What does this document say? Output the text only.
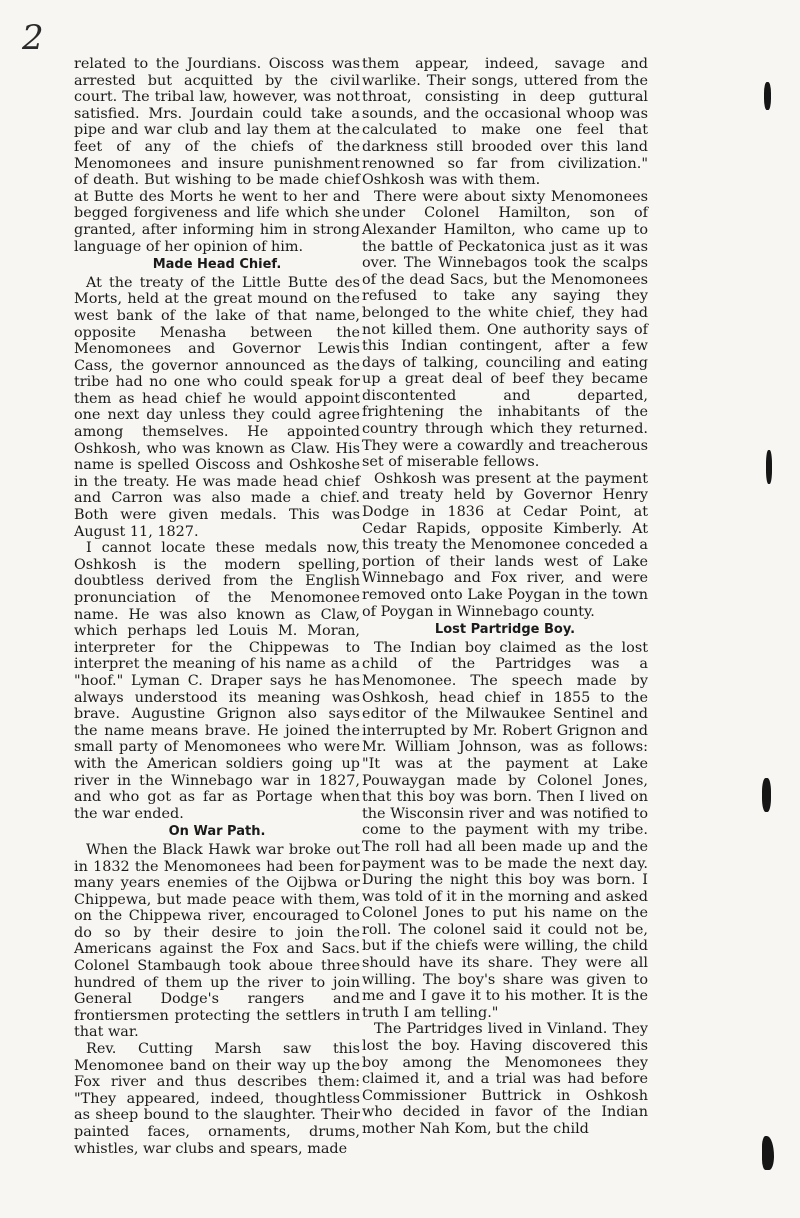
2

related to the Jourdians. Oiscoss was arrested but acquitted by the civil court. The tribal law, however, was not satisfied. Mrs. Jourdain could take a pipe and war club and lay them at the feet of any of the chiefs of the Menomonees and insure punishment of death. But wishing to be made chief at Butte des Morts he went to her and begged forgiveness and life which she granted, after informing him in strong language of her opinion of him.

Made Head Chief.

At the treaty of the Little Butte des Morts, held at the great mound on the west bank of the lake of that name, opposite Menasha between the Menomonees and Governor Lewis Cass, the governor announced as the tribe had no one who could speak for them as head chief he would appoint one next day unless they could agree among themselves. He appointed Oshkosh, who was known as Claw. His name is spelled Oiscoss and Oshkoshe in the treaty. He was made head chief and Carron was also made a chief. Both were given medals. This was August 11, 1827.

I cannot locate these medals now, Oshkosh is the modern spelling, doubtless derived from the English pronunciation of the Menomonee name. He was also known as Claw, which perhaps led Louis M. Moran, interpreter for the Chippewas to interpret the meaning of his name as a "hoof." Lyman C. Draper says he has always understood its meaning was brave. Augustine Grignon also says the name means brave. He joined the small party of Menomonees who were with the American soldiers going up river in the Winnebago war in 1827, and who got as far as Portage when the war ended.

On War Path.

When the Black Hawk war broke out in 1832 the Menomonees had been for many years enemies of the Oijbwa or Chippewa, but made peace with them, on the Chippewa river, encouraged to do so by their desire to join the Americans against the Fox and Sacs. Colonel Stambaugh took aboue three hundred of them up the river to join General Dodge's rangers and frontiersmen protecting the settlers in that war.

Rev. Cutting Marsh saw this Menomonee band on their way up the Fox river and thus describes them: "They appeared, indeed, thoughtless as sheep bound to the slaughter. Their painted faces, ornaments, drums, whistles, war clubs and spears, made

them appear, indeed, savage and warlike. Their songs, uttered from the throat, consisting in deep guttural sounds, and the occasional whoop was calculated to make one feel that darkness still brooded over this land renowned so far from civilization." Oshkosh was with them.

There were about sixty Menomonees under Colonel Hamilton, son of Alexander Hamilton, who came up to the battle of Peckatonica just as it was over. The Winnebagos took the scalps of the dead Sacs, but the Menomonees refused to take any saying they belonged to the white chief, they had not killed them. One authority says of this Indian contingent, after a few days of talking, counciling and eating up a great deal of beef they became discontented and departed, frightening the inhabitants of the country through which they returned. They were a cowardly and treacherous set of miserable fellows.

Oshkosh was present at the payment and treaty held by Governor Henry Dodge in 1836 at Cedar Point, at Cedar Rapids, opposite Kimberly. At this treaty the Menomonee conceded a portion of their lands west of Lake Winnebago and Fox river, and were removed onto Lake Poygan in the town of Poygan in Winnebago county.

Lost Partridge Boy.

The Indian boy claimed as the lost child of the Partridges was a Menomonee. The speech made by Oshkosh, head chief in 1855 to the editor of the Milwaukee Sentinel and interrupted by Mr. Robert Grignon and Mr. William Johnson, was as follows: "It was at the payment at Lake Pouwaygan made by Colonel Jones, that this boy was born. Then I lived on the Wisconsin river and was notified to come to the payment with my tribe. The roll had all been made up and the payment was to be made the next day. During the night this boy was born. I was told of it in the morning and asked Colonel Jones to put his name on the roll. The colonel said it could not be, but if the chiefs were willing, the child should have its share. They were all willing. The boy's share was given to me and I gave it to his mother. It is the truth I am telling."

The Partridges lived in Vinland. They lost the boy. Having discovered this boy among the Menomonees they claimed it, and a trial was had before Commissioner Buttrick in Oshkosh who decided in favor of the Indian mother Nah Kom, but the child
